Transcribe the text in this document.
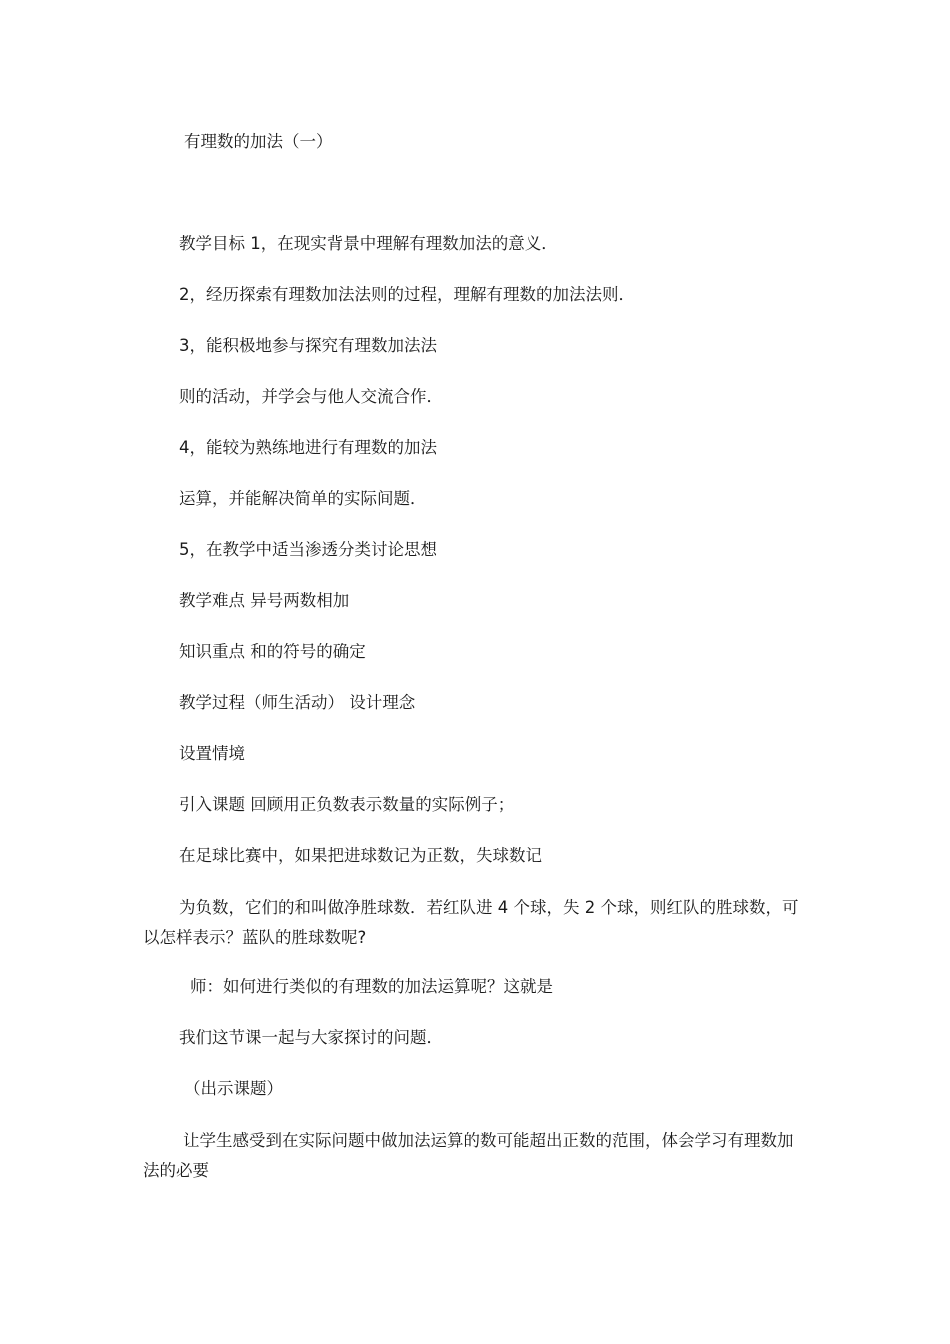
有理数的加法（一）
教学目标 1，在现实背景中理解有理数加法的意义．
2，经历探索有理数加法法则的过程，理解有理数的加法法则．
3，能积极地参与探究有理数加法法
则的活动，并学会与他人交流合作．
4，能较为熟练地进行有理数的加法
运算，并能解决简单的实际间题．
5，在教学中适当渗透分类讨论思想
教学难点 异号两数相加
知识重点 和的符号的确定
教学过程（师生活动） 设计理念
设置情境
引入课题 回顾用正负数表示数量的实际例子；
在足球比赛中，如果把进球数记为正数，失球数记
为负数，它们的和叫做净胜球数．若红队进 4 个球，失 2 个球，则红队的胜球数，可以怎样表示？蓝队的胜球数呢?
师：如何进行类似的有理数的加法运算呢？这就是
我们这节课一起与大家探讨的问题．
（出示课题）
让学生感受到在实际问题中做加法运算的数可能超出正数的范围，体会学习有理数加法的必要
